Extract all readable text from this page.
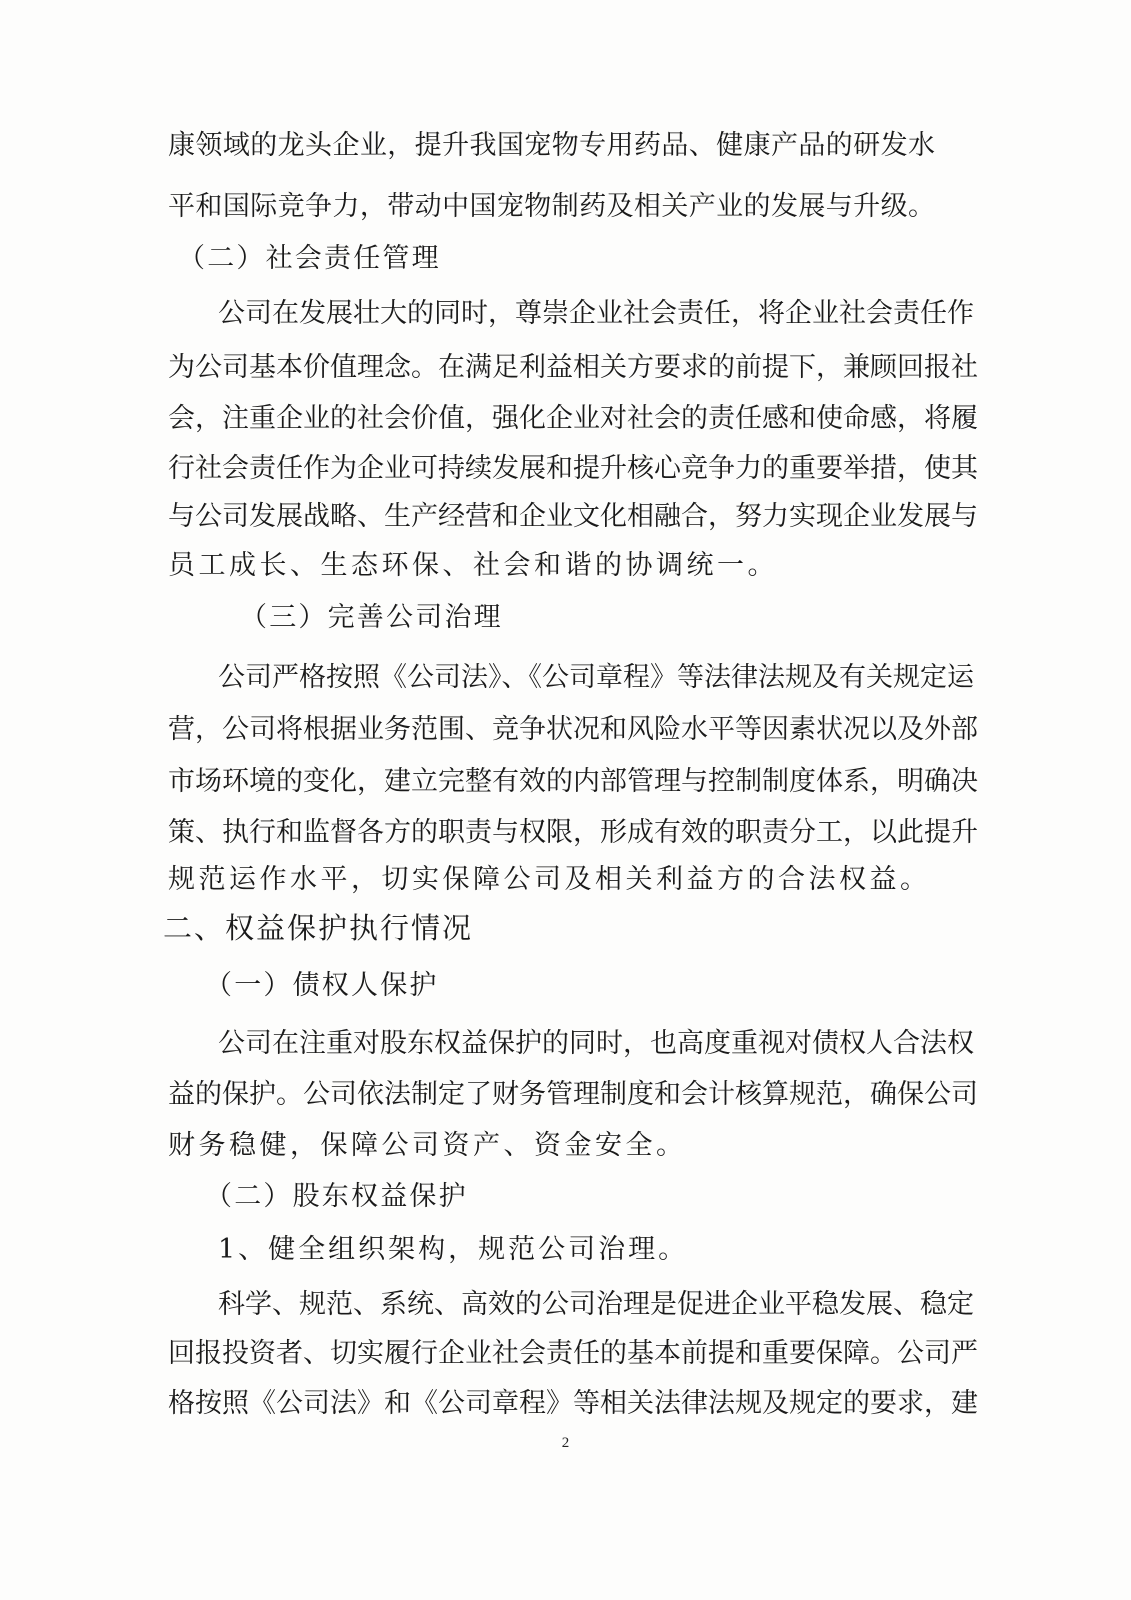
康领域的龙头企业，提升我国宠物专用药品、健康产品的研发水
平和国际竞争力，带动中国宠物制药及相关产业的发展与升级。
（二）社会责任管理
公司在发展壮大的同时，尊崇企业社会责任，将企业社会责任作
为公司基本价值理念。在满足利益相关方要求的前提下，兼顾回报社
会，注重企业的社会价值，强化企业对社会的责任感和使命感，将履
行社会责任作为企业可持续发展和提升核心竞争力的重要举措，使其
与公司发展战略、生产经营和企业文化相融合，努力实现企业发展与
员工成长、生态环保、社会和谐的协调统一。
（三）完善公司治理
公司严格按照《公司法》、《公司章程》等法律法规及有关规定运
营，公司将根据业务范围、竞争状况和风险水平等因素状况以及外部
市场环境的变化，建立完整有效的内部管理与控制制度体系，明确决
策、执行和监督各方的职责与权限，形成有效的职责分工，以此提升
规范运作水平，切实保障公司及相关利益方的合法权益。
二、权益保护执行情况
（一）债权人保护
公司在注重对股东权益保护的同时，也高度重视对债权人合法权
益的保护。公司依法制定了财务管理制度和会计核算规范，确保公司
财务稳健，保障公司资产、资金安全。
（二）股东权益保护
1、健全组织架构，规范公司治理。
科学、规范、系统、高效的公司治理是促进企业平稳发展、稳定
回报投资者、切实履行企业社会责任的基本前提和重要保障。公司严
格按照《公司法》和《公司章程》等相关法律法规及规定的要求，建
2
